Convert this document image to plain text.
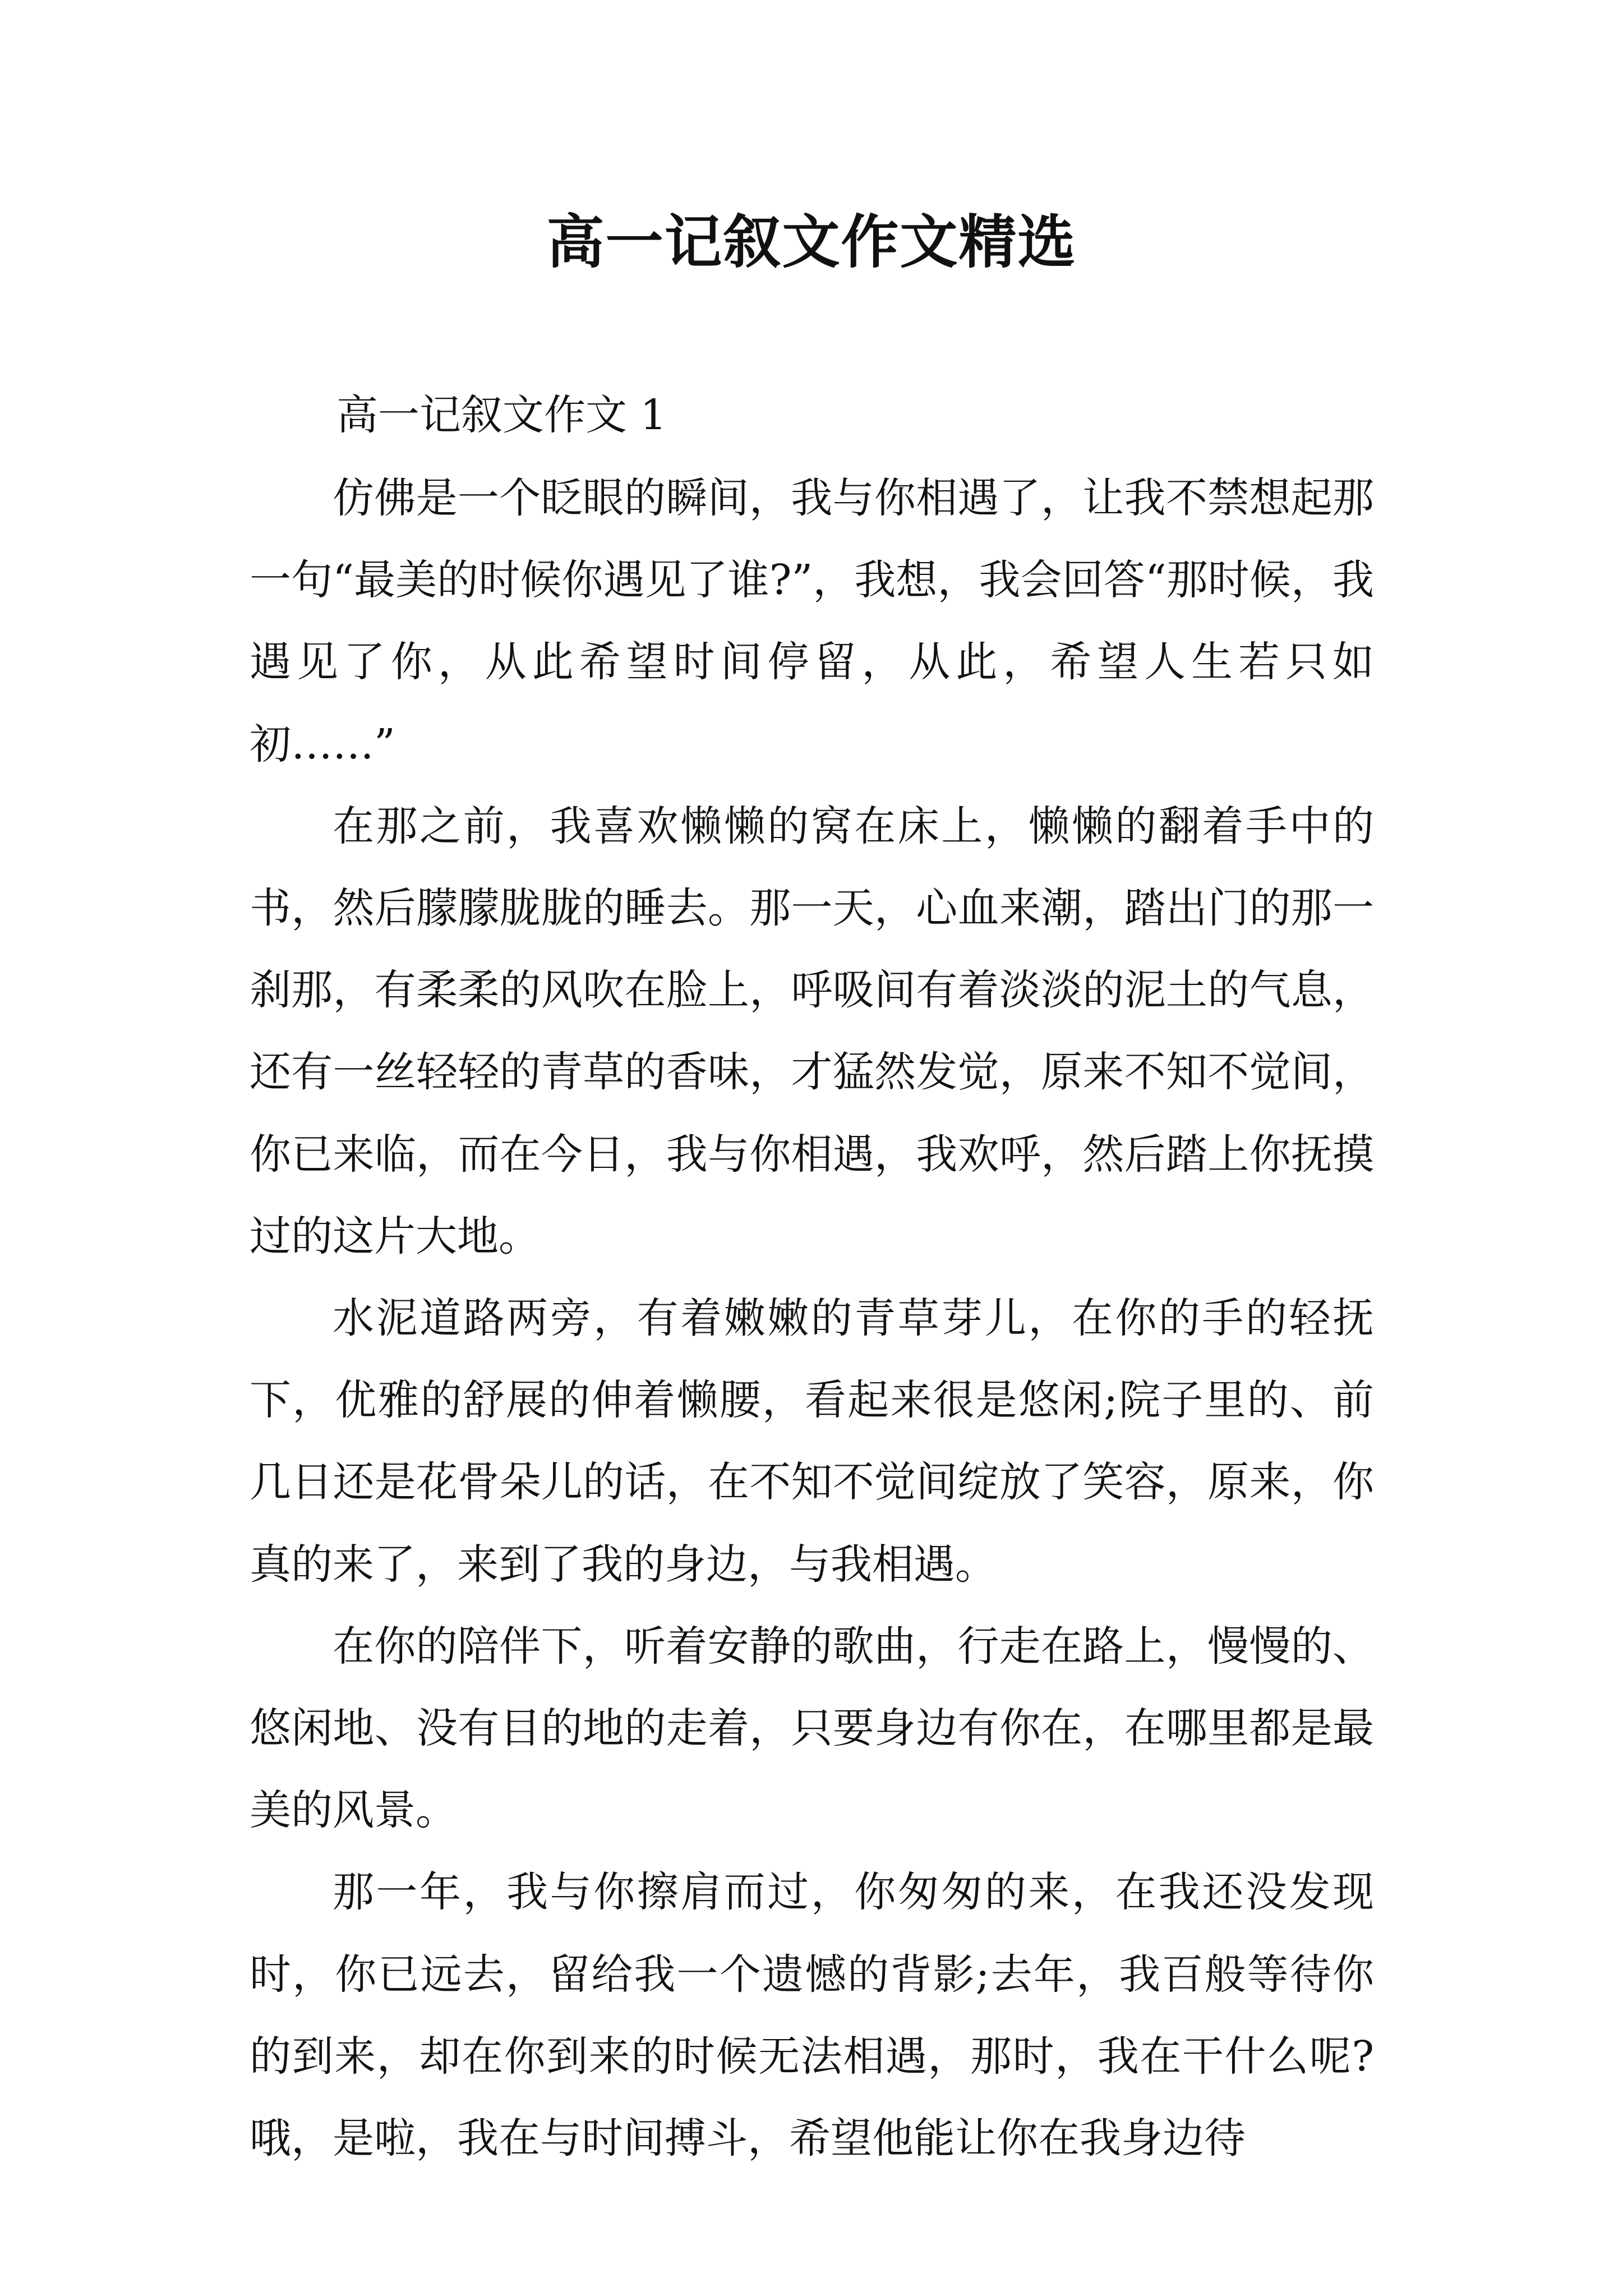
高一记叙文作文精选
高一记叙文作文 1

仿佛是一个眨眼的瞬间，我与你相遇了，让我不禁想起那一句“最美的时候你遇见了谁?”，我想，我会回答“那时候，我遇见了你，从此希望时间停留，从此，希望人生若只如初……”

在那之前，我喜欢懒懒的窝在床上，懒懒的翻着手中的书，然后朦朦胧胧的睡去。那一天，心血来潮，踏出门的那一刹那，有柔柔的风吹在脸上，呼吸间有着淡淡的泥土的气息，还有一丝轻轻的青草的香味，才猛然发觉，原来不知不觉间，你已来临，而在今日，我与你相遇，我欢呼，然后踏上你抚摸过的这片大地。

水泥道路两旁，有着嫩嫩的青草芽儿，在你的手的轻抚下，优雅的舒展的伸着懒腰，看起来很是悠闲;院子里的、前几日还是花骨朵儿的话，在不知不觉间绽放了笑容，原来，你真的来了，来到了我的身边，与我相遇。

在你的陪伴下，听着安静的歌曲，行走在路上，慢慢的、悠闲地、没有目的地的走着，只要身边有你在，在哪里都是最美的风景。

那一年，我与你擦肩而过，你匆匆的来，在我还没发现时，你已远去，留给我一个遗憾的背影;去年，我百般等待你的到来，却在你到来的时候无法相遇，那时，我在干什么呢?哦，是啦，我在与时间搏斗，希望他能让你在我身边待
